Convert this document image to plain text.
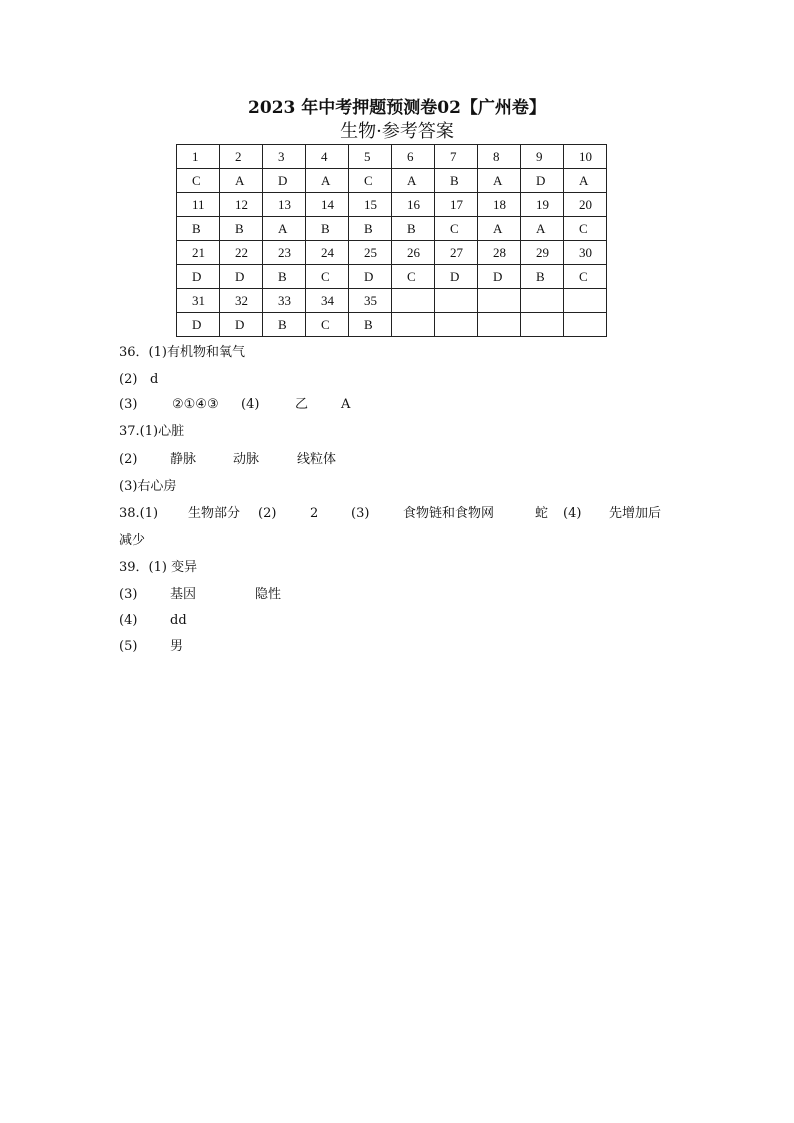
2023 年中考押题预测卷02【广州卷】
生物·参考答案
1	2	3	4	5	6	7	8	9	10
C	A	D	A	C	A	B	A	D	A
11	12	13	14	15	16	17	18	19	20
B	B	A	B	B	B	C	A	A	C
21	22	23	24	25	26	27	28	29	30
D	D	B	C	D	C	D	D	B	C
31	32	33	34	35					
D	D	B	C	B					
36．(1)有机物和氧气
(2) d
(3)	②①④③ (4)	乙	A
37.(1)心脏
(2)	静脉	动脉	线粒体
(3)右心房
38.(1) 生物部分 (2)	2	(3)	食物链和食物网	蛇 (4) 先增加后
减少
39．(1) 变异
(3)	基因	隐性
(4)	dd
(5)	男
